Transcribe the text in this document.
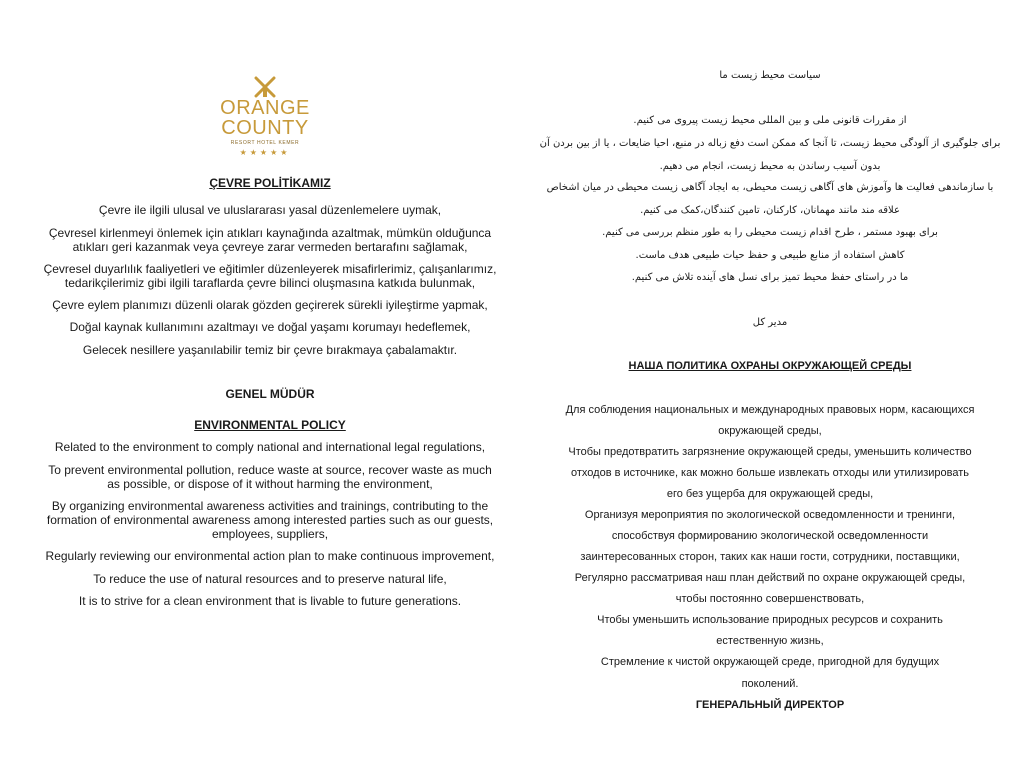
ORANGE
COUNTY
RESORT HOTEL KEMER
★★★★★
ÇEVRE POLİTİKAMIZ
Çevre ile ilgili ulusal ve uluslararası yasal düzenlemelere uymak,
Çevresel kirlenmeyi önlemek için atıkları kaynağında azaltmak, mümkün olduğunca
atıkları geri kazanmak veya çevreye zarar vermeden bertarafını sağlamak,
Çevresel duyarlılık faaliyetleri ve eğitimler düzenleyerek misafirlerimiz, çalışanlarımız,
tedarikçilerimiz gibi ilgili taraflarda çevre bilinci oluşmasına katkıda bulunmak,
Çevre eylem planımızı düzenli olarak gözden geçirerek sürekli iyileştirme yapmak,
Doğal kaynak kullanımını azaltmayı ve doğal yaşamı korumayı hedeflemek,
Gelecek nesillere yaşanılabilir temiz bir çevre bırakmaya çabalamaktır.
GENEL MÜDÜR
ENVIRONMENTAL POLICY
Related to the environment to comply national and international legal regulations,
To prevent environmental pollution, reduce waste at source, recover waste as much
as possible, or dispose of it without harming the environment,
By organizing environmental awareness activities and trainings, contributing to the
formation of environmental awareness among interested parties such as our guests,
employees, suppliers,
Regularly reviewing our environmental action plan to make continuous improvement,
To reduce the use of natural resources and to preserve natural life,
It is to strive for a clean environment that is livable to future generations.
سیاست محیط زیست ما
از مقررات قانونی ملی و بین المللی محیط زیست پیروی می کنیم.
برای جلوگیری از آلودگی محیط زیست، تا آنجا که ممکن است دفع زباله در منبع، احیا ضایعات ، یا از بین بردن آن
بدون آسیب رساندن به محیط زیست، انجام می دهیم.
با سازماندهی فعالیت ها وآموزش های آگاهی زیست محیطی، به ایجاد آگاهی زیست محیطی در میان اشخاص
علاقه مند مانند مهمانان، کارکنان، تامین کنندگان،کمک می کنیم.
برای بهبود مستمر ، طرح اقدام زیست محیطی را به طور منظم بررسی می کنیم.
کاهش استفاده از منابع طبیعی و حفظ حیات طبیعی هدف ماست.
ما در راستای حفظ محیط تمیز برای نسل های آینده تلاش می کنیم.
مدیر کل
НАША ПОЛИТИКА ОХРАНЫ ОКРУЖАЮЩЕЙ СРЕДЫ
Для соблюдения национальных и международных правовых норм, касающихся
окружающей среды,
Чтобы предотвратить загрязнение окружающей среды, уменьшить количество
отходов в источнике, как можно больше извлекать отходы или утилизировать
его без ущерба для окружающей среды,
Организуя мероприятия по экологической осведомленности и тренинги,
способствуя формированию экологической осведомленности
заинтересованных сторон, таких как наши гости, сотрудники, поставщики,
Регулярно рассматривая наш план действий по охране окружающей среды,
чтобы постоянно совершенствовать,
Чтобы уменьшить использование природных ресурсов и сохранить
естественную жизнь,
Стремление к чистой окружающей среде, пригодной для будущих
поколений.
ГЕНЕРАЛЬНЫЙ ДИРЕКТОР
